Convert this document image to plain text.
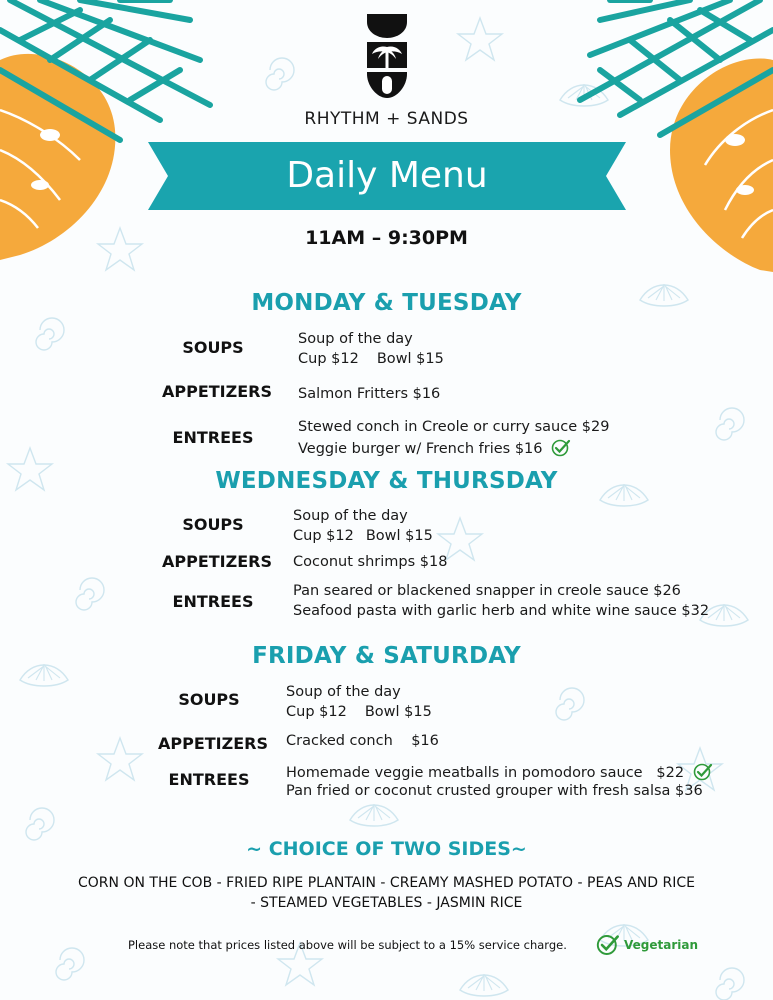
RHYTHM + SANDS
Daily Menu
11AM – 9:30PM
MONDAY & TUESDAY
SOUPS	Soup of the day
Cup $12 Bowl $15
APPETIZERS Salmon Fritters $16
ENTREES
Stewed conch in Creole or curry sauce $29
Veggie burger w/ French fries $16
WEDNESDAY & THURSDAY
SOUPS	Soup of the day
Cup $12 Bowl $15
APPETIZERS Coconut shrimps $18
ENTREES
Pan seared or blackened snapper in creole sauce $26
Seafood pasta with garlic herb and white wine sauce $32
FRIDAY & SATURDAY
SOUPS	Soup of the day
Cup $12 Bowl $15
APPETIZERS Cracked conch    $16
ENTREES	Homemade veggie meatballs in pomodoro sauce   $22
Pan fried or coconut crusted grouper with fresh salsa $36
~ CHOICE OF TWO SIDES~
CORN ON THE COB - FRIED RIPE PLANTAIN - CREAMY MASHED POTATO - PEAS AND RICE
- STEAMED VEGETABLES - JASMIN RICE
Please note that prices listed above will be subject to a 15% service charge.	Vegetarian
